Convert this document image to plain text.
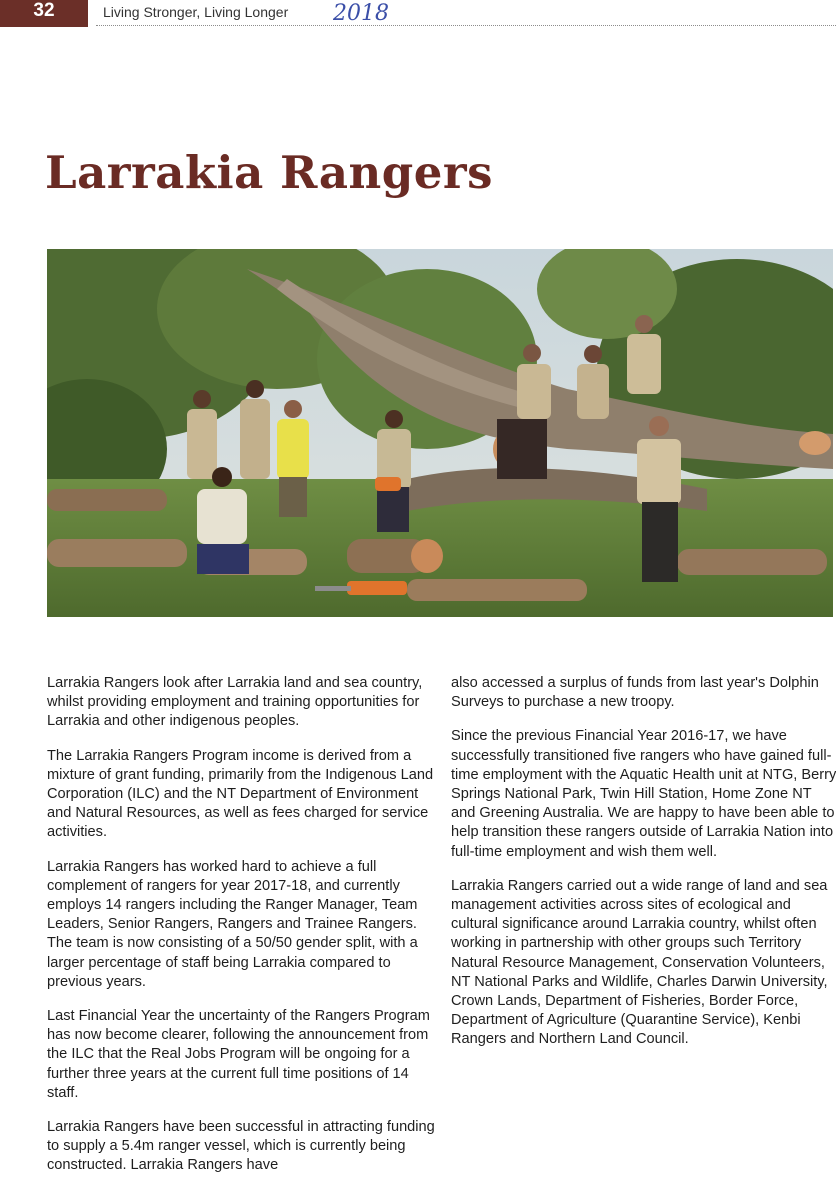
32	Living Stronger, Living Longer 2018
Larrakia Rangers

Larrakia Rangers look after Larrakia land and sea country, whilst providing employment and training opportunities for Larrakia and other indigenous peoples.

The Larrakia Rangers Program income is derived from a mixture of grant funding, primarily from the Indigenous Land Corporation (ILC) and the NT Department of Environment and Natural Resources, as well as fees charged for service activities.

Larrakia Rangers has worked hard to achieve a full complement of rangers for year 2017-18, and currently employs 14 rangers including the Ranger Manager, Team Leaders, Senior Rangers, Rangers and Trainee Rangers. The team is now consisting of a 50/50 gender split, with a larger percentage of staff being Larrakia compared to previous years.

Last Financial Year the uncertainty of the Rangers Program has now become clearer, following the announcement from the ILC that the Real Jobs Program will be ongoing for a further three years at the current full time positions of 14 staff.

Larrakia Rangers have been successful in attracting funding to supply a 5.4m ranger vessel, which is currently being constructed. Larrakia Rangers have

also accessed a surplus of funds from last year's Dolphin Surveys to purchase a new troopy.

Since the previous Financial Year 2016-17, we have successfully transitioned five rangers who have gained full-time employment with the Aquatic Health unit at NTG, Berry Springs National Park, Twin Hill Station, Home Zone NT and Greening Australia. We are happy to have been able to help transition these rangers outside of Larrakia Nation into full-time employment and wish them well.

Larrakia Rangers carried out a wide range of land and sea management activities across sites of ecological and cultural significance around Larrakia country, whilst often working in partnership with other groups such Territory Natural Resource Management, Conservation Volunteers, NT National Parks and Wildlife, Charles Darwin University, Crown Lands, Department of Fisheries, Border Force, Department of Agriculture (Quarantine Service), Kenbi Rangers and Northern Land Council.
